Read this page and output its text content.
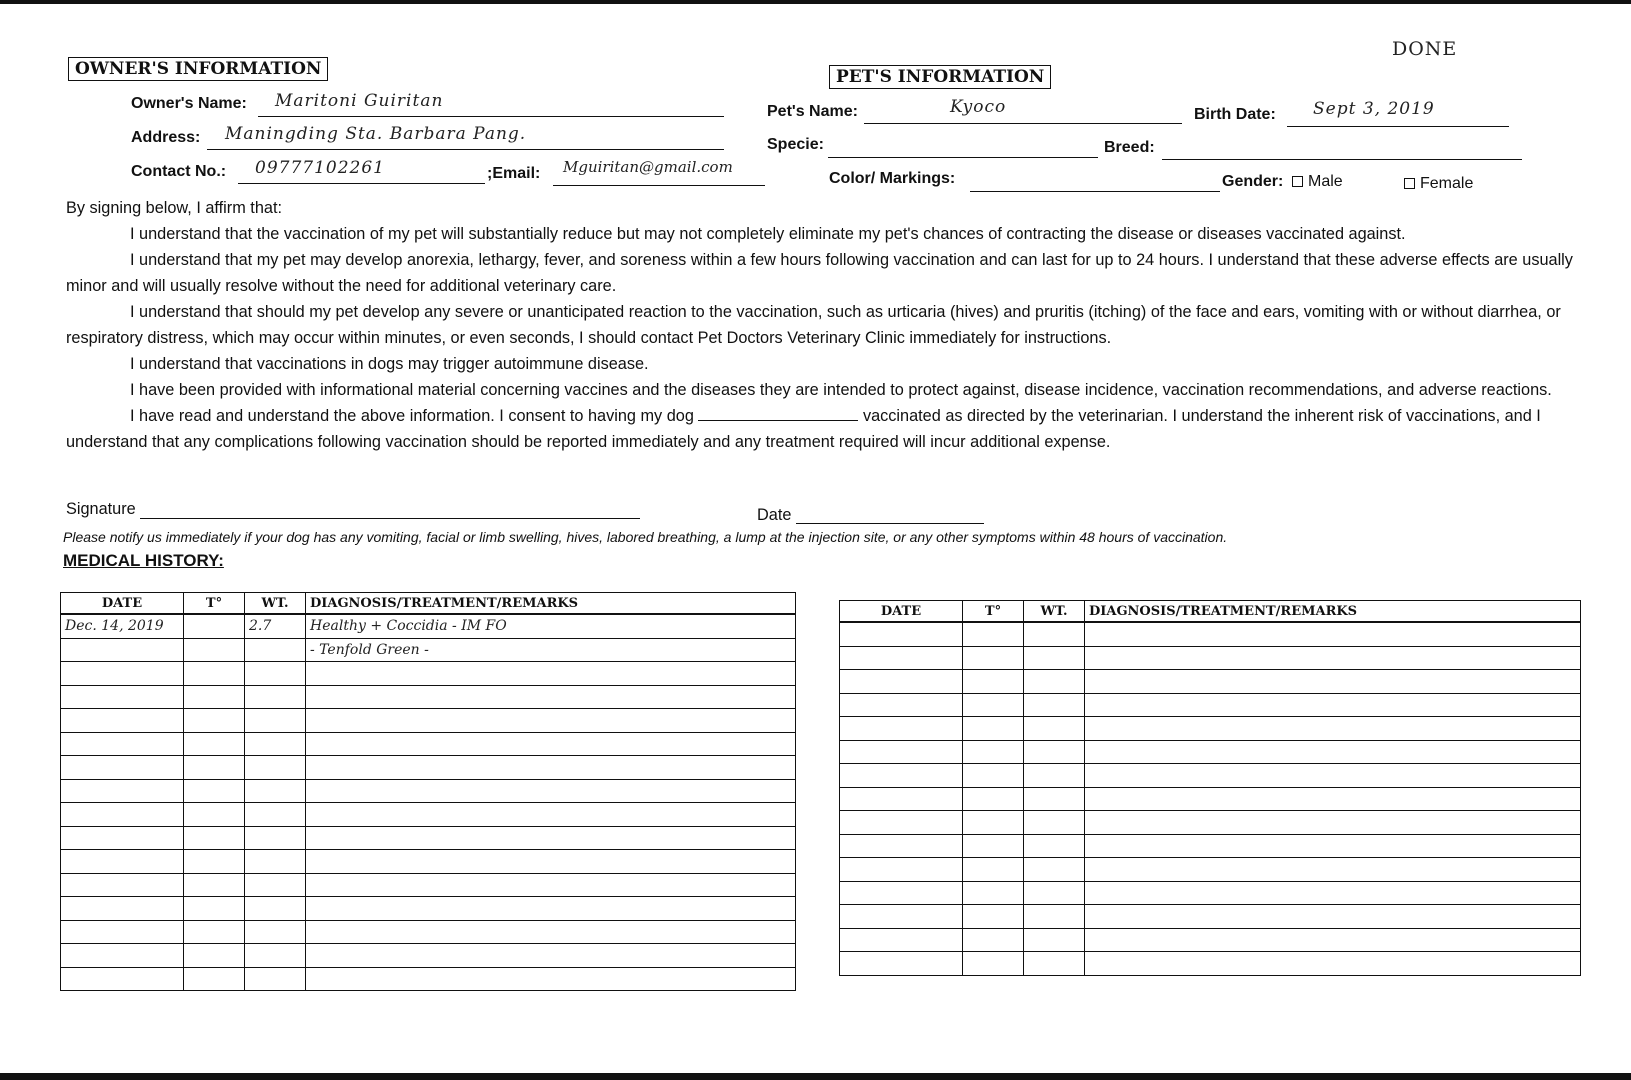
DONE
OWNER'S INFORMATION
Owner's Name: Maritoni Guiritan
Address: Maningding Sta. Barbara Pang.
Contact No.: 09777102261	;Email: Mguiritan@gmail.com
PET'S INFORMATION
Pet's Name:	Kyoco	Birth Date: Sept 3, 2019
Specie:	Breed:
Color/ Markings:	Gender:	Male	Female
By signing below, I affirm that:

I understand that the vaccination of my pet will substantially reduce but may not completely eliminate my pet's chances of contracting the disease or diseases vaccinated against.

I understand that my pet may develop anorexia, lethargy, fever, and soreness within a few hours following vaccination and can last for up to 24 hours. I understand that these adverse effects are usually minor and will usually resolve without the need for additional veterinary care.

I understand that should my pet develop any severe or unanticipated reaction to the vaccination, such as urticaria (hives) and pruritis (itching) of the face and ears, vomiting with or without diarrhea, or respiratory distress, which may occur within minutes, or even seconds, I should contact Pet Doctors Veterinary Clinic immediately for instructions.

I understand that vaccinations in dogs may trigger autoimmune disease.

I have been provided with informational material concerning vaccines and the diseases they are intended to protect against, disease incidence, vaccination recommendations, and adverse reactions.

I have read and understand the above information. I consent to having my dog	vaccinated as directed by the veterinarian. I understand the inherent risk of vaccinations, and I understand that any complications following vaccination should be reported immediately and any treatment required will incur additional expense.

Signature	Date
Please notify us immediately if your dog has any vomiting, facial or limb swelling, hives, labored breathing, a lump at the injection site, or any other symptoms within 48 hours of vaccination.
MEDICAL HISTORY:
DATE	T°	WT.	DIAGNOSIS/TREATMENT/REMARKS
Dec. 14, 2019		2.7	Healthy + Coccidia - IM FO
			- Tenfold Green -

DATE	T°	WT.	DIAGNOSIS/TREATMENT/REMARKS
